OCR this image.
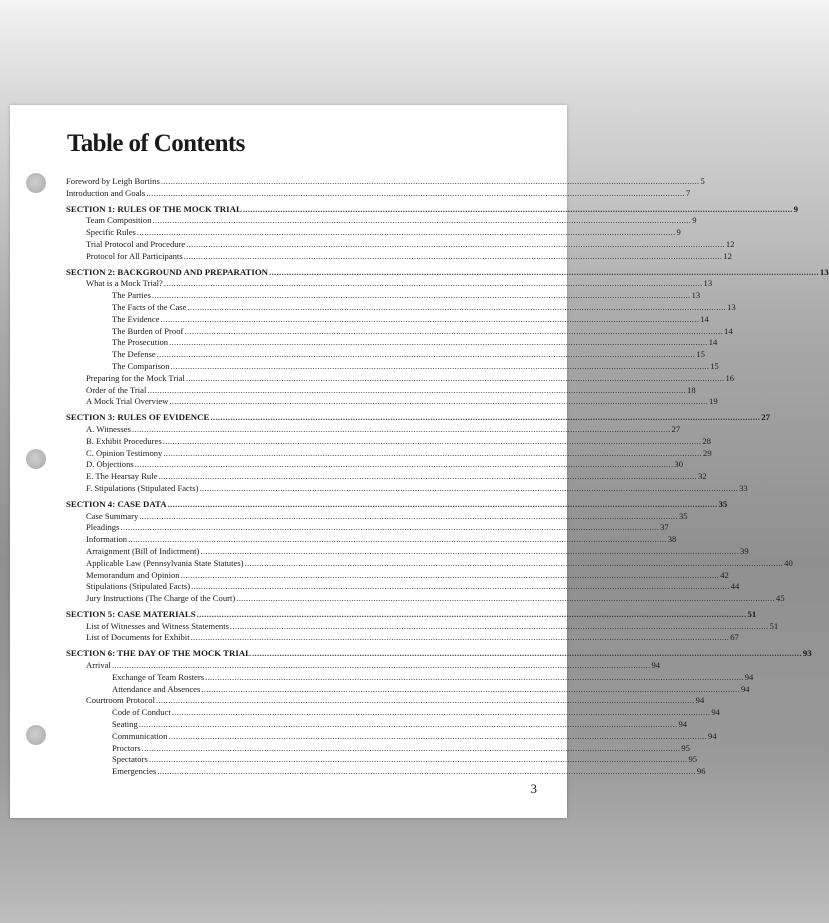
Table of Contents
Foreword by Leigh Bortins ............................................................................................................................................................................................................................ 5
Introduction and Goals ............................................................................................................................................................................................................................ 7
SECTION 1: RULES OF THE MOCK TRIAL ............................................................................................................................................................................................................................ 9
Team Composition ............................................................................................................................................................................................................................ 9
Specific Rules ............................................................................................................................................................................................................................ 9
Trial Protocol and Procedure ............................................................................................................................................................................................................................ 12
Protocol for All Participants ............................................................................................................................................................................................................................ 12
SECTION 2: BACKGROUND AND PREPARATION ............................................................................................................................................................................................................................ 13
What is a Mock Trial? ............................................................................................................................................................................................................................ 13
The Parties ............................................................................................................................................................................................................................ 13
The Facts of the Case ............................................................................................................................................................................................................................ 13
The Evidence ............................................................................................................................................................................................................................ 14
The Burden of Proof ............................................................................................................................................................................................................................ 14
The Prosecution ............................................................................................................................................................................................................................ 14
The Defense ............................................................................................................................................................................................................................ 15
The Comparison ............................................................................................................................................................................................................................ 15
Preparing for the Mock Trial ............................................................................................................................................................................................................................ 16
Order of the Trial ............................................................................................................................................................................................................................ 18
A Mock Trial Overview ............................................................................................................................................................................................................................ 19
SECTION 3: RULES OF EVIDENCE ............................................................................................................................................................................................................................ 27
A. Witnesses ............................................................................................................................................................................................................................ 27
B. Exhibit Procedures ............................................................................................................................................................................................................................ 28
C. Opinion Testimony ............................................................................................................................................................................................................................ 29
D. Objections ............................................................................................................................................................................................................................ 30
E. The Hearsay Rule ............................................................................................................................................................................................................................ 32
F. Stipulations (Stipulated Facts) ............................................................................................................................................................................................................................ 33
SECTION 4: CASE DATA ............................................................................................................................................................................................................................ 35
Case Summary ............................................................................................................................................................................................................................ 35
Pleadings ............................................................................................................................................................................................................................ 37
Information ............................................................................................................................................................................................................................ 38
Arraignment (Bill of Indictment) ............................................................................................................................................................................................................................ 39
Applicable Law (Pennsylvania State Statutes) ............................................................................................................................................................................................................................ 40
Memorandum and Opinion ............................................................................................................................................................................................................................ 42
Stipulations (Stipulated Facts) ............................................................................................................................................................................................................................ 44
Jury Instructions (The Charge of the Court) ............................................................................................................................................................................................................................ 45
SECTION 5: CASE MATERIALS ............................................................................................................................................................................................................................ 51
List of Witnesses and Witness Statements ............................................................................................................................................................................................................................ 51
List of Documents for Exhibit ............................................................................................................................................................................................................................ 67
SECTION 6: THE DAY OF THE MOCK TRIAL ............................................................................................................................................................................................................................ 93
Arrival ............................................................................................................................................................................................................................ 94
Exchange of Team Rosters ............................................................................................................................................................................................................................ 94
Attendance and Absences ............................................................................................................................................................................................................................ 94
Courtroom Protocol ............................................................................................................................................................................................................................ 94
Code of Conduct ............................................................................................................................................................................................................................ 94
Seating ............................................................................................................................................................................................................................ 94
Communication ............................................................................................................................................................................................................................ 94
Proctors ............................................................................................................................................................................................................................ 95
Spectators ............................................................................................................................................................................................................................ 95
Emergencies ............................................................................................................................................................................................................................ 96
3
